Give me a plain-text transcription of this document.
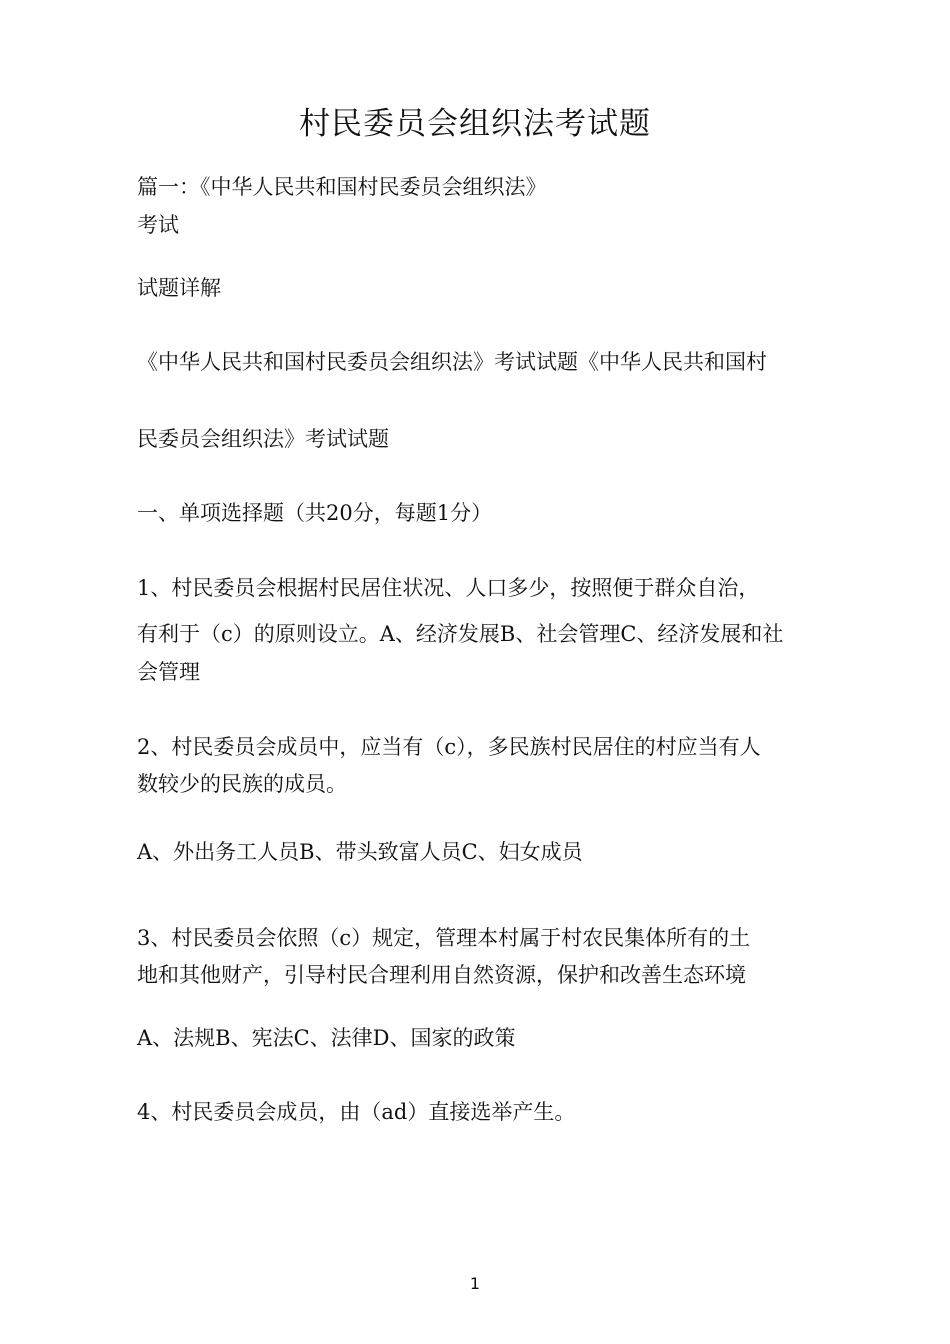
村民委员会组织法考试题
篇一：《中华人民共和国村民委员会组织法》
考试
试题详解
《中华人民共和国村民委员会组织法》考试试题《中华人民共和国村
民委员会组织法》考试试题
一、单项选择题（共20分，每题1分）
1、村民委员会根据村民居住状况、人口多少，按照便于群众自治，
有利于（c）的原则设立。A、经济发展B、社会管理C、经济发展和社
会管理
2、村民委员会成员中，应当有（c），多民族村民居住的村应当有人
数较少的民族的成员。
A、外出务工人员B、带头致富人员C、妇女成员
3、村民委员会依照（c）规定，管理本村属于村农民集体所有的土
地和其他财产，引导村民合理利用自然资源，保护和改善生态环境
A、法规B、宪法C、法律D、国家的政策
4、村民委员会成员，由（ad）直接选举产生。
1
